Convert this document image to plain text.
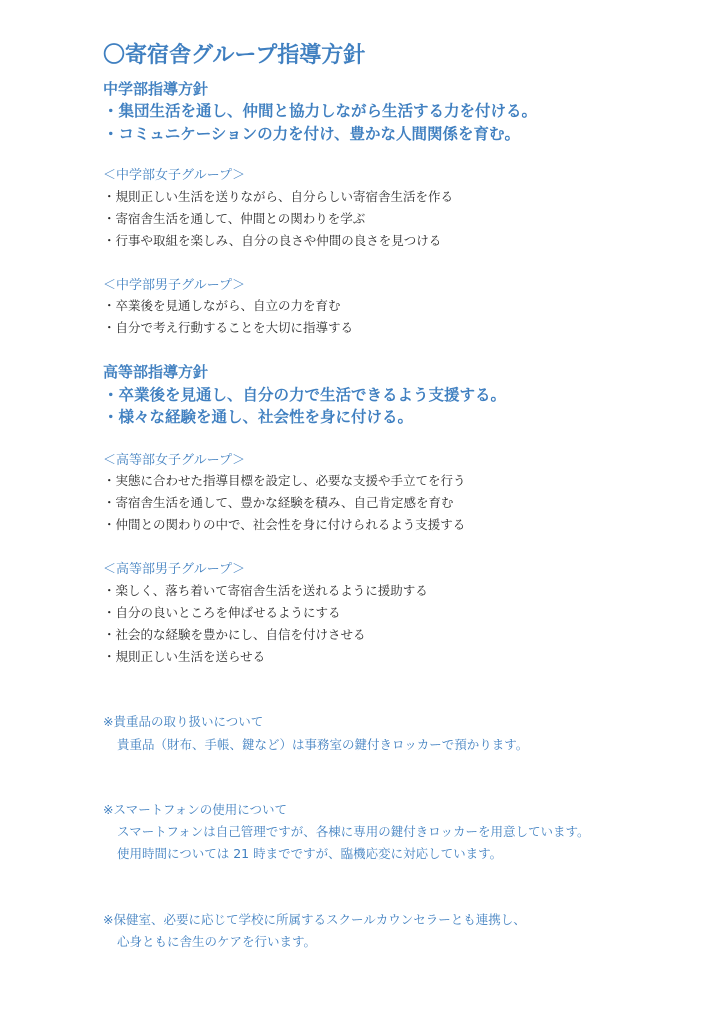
〇寄宿舎グループ指導方針
中学部指導方針
・集団生活を通し、仲間と協力しながら生活する力を付ける。
・コミュニケーションの力を付け、豊かな人間関係を育む。
＜中学部女子グループ＞
・規則正しい生活を送りながら、自分らしい寄宿舎生活を作る
・寄宿舎生活を通して、仲間との関わりを学ぶ
・行事や取組を楽しみ、自分の良さや仲間の良さを見つける
＜中学部男子グループ＞
・卒業後を見通しながら、自立の力を育む
・自分で考え行動することを大切に指導する
高等部指導方針
・卒業後を見通し、自分の力で生活できるよう支援する。
・様々な経験を通し、社会性を身に付ける。
＜高等部女子グループ＞
・実態に合わせた指導目標を設定し、必要な支援や手立てを行う
・寄宿舎生活を通して、豊かな経験を積み、自己肯定感を育む
・仲間との関わりの中で、社会性を身に付けられるよう支援する
＜高等部男子グループ＞
・楽しく、落ち着いて寄宿舎生活を送れるように援助する
・自分の良いところを伸ばせるようにする
・社会的な経験を豊かにし、自信を付けさせる
・規則正しい生活を送らせる
※貴重品の取り扱いについて
貴重品（財布、手帳、鍵など）は事務室の鍵付きロッカーで預かります。
※スマートフォンの使用について
スマートフォンは自己管理ですが、各棟に専用の鍵付きロッカーを用意しています。
使用時間については 21 時までですが、臨機応変に対応しています。
※保健室、必要に応じて学校に所属するスクールカウンセラーとも連携し、
心身ともに舎生のケアを行います。
